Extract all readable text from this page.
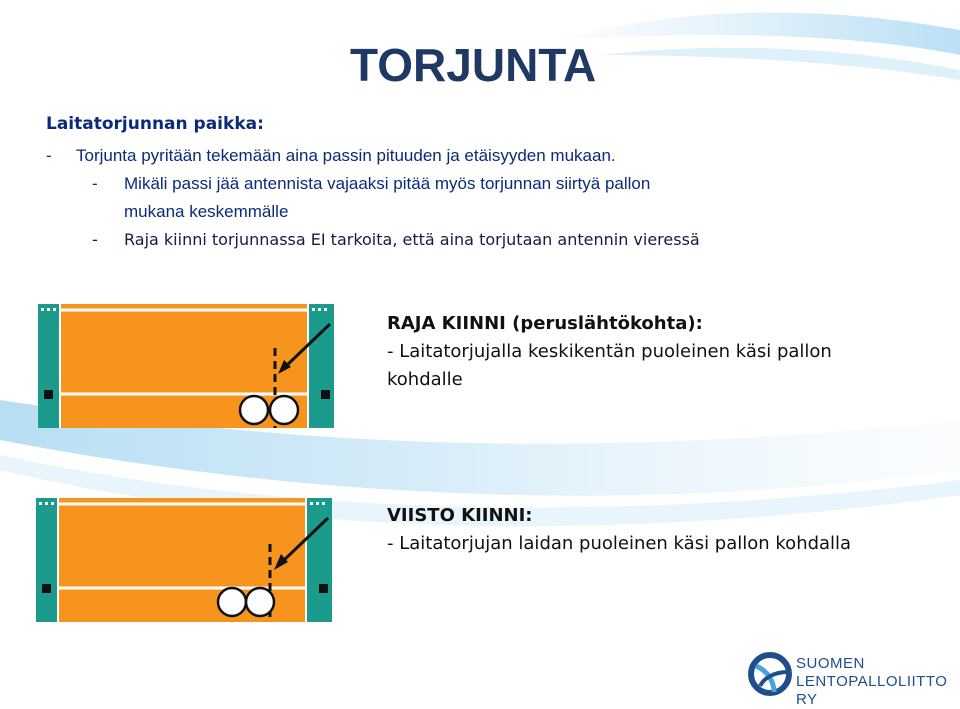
TORJUNTA
Laitatorjunnan paikka:
- Torjunta pyritään tekemään aina passin pituuden ja etäisyyden mukaan.
- Mikäli passi jää antennista vajaaksi pitää myös torjunnan siirtyä pallon
mukana keskemmälle
- Raja kiinni torjunnassa EI tarkoita, että aina torjutaan antennin vieressä
RAJA KIINNI (peruslähtökohta):
- Laitatorjujalla keskikentän puoleinen käsi pallon
kohdalle
VIISTO KIINNI:
- Laitatorjujan laidan puoleinen käsi pallon kohdalla
SUOMEN
LENTOPALLOLIITTO RY
